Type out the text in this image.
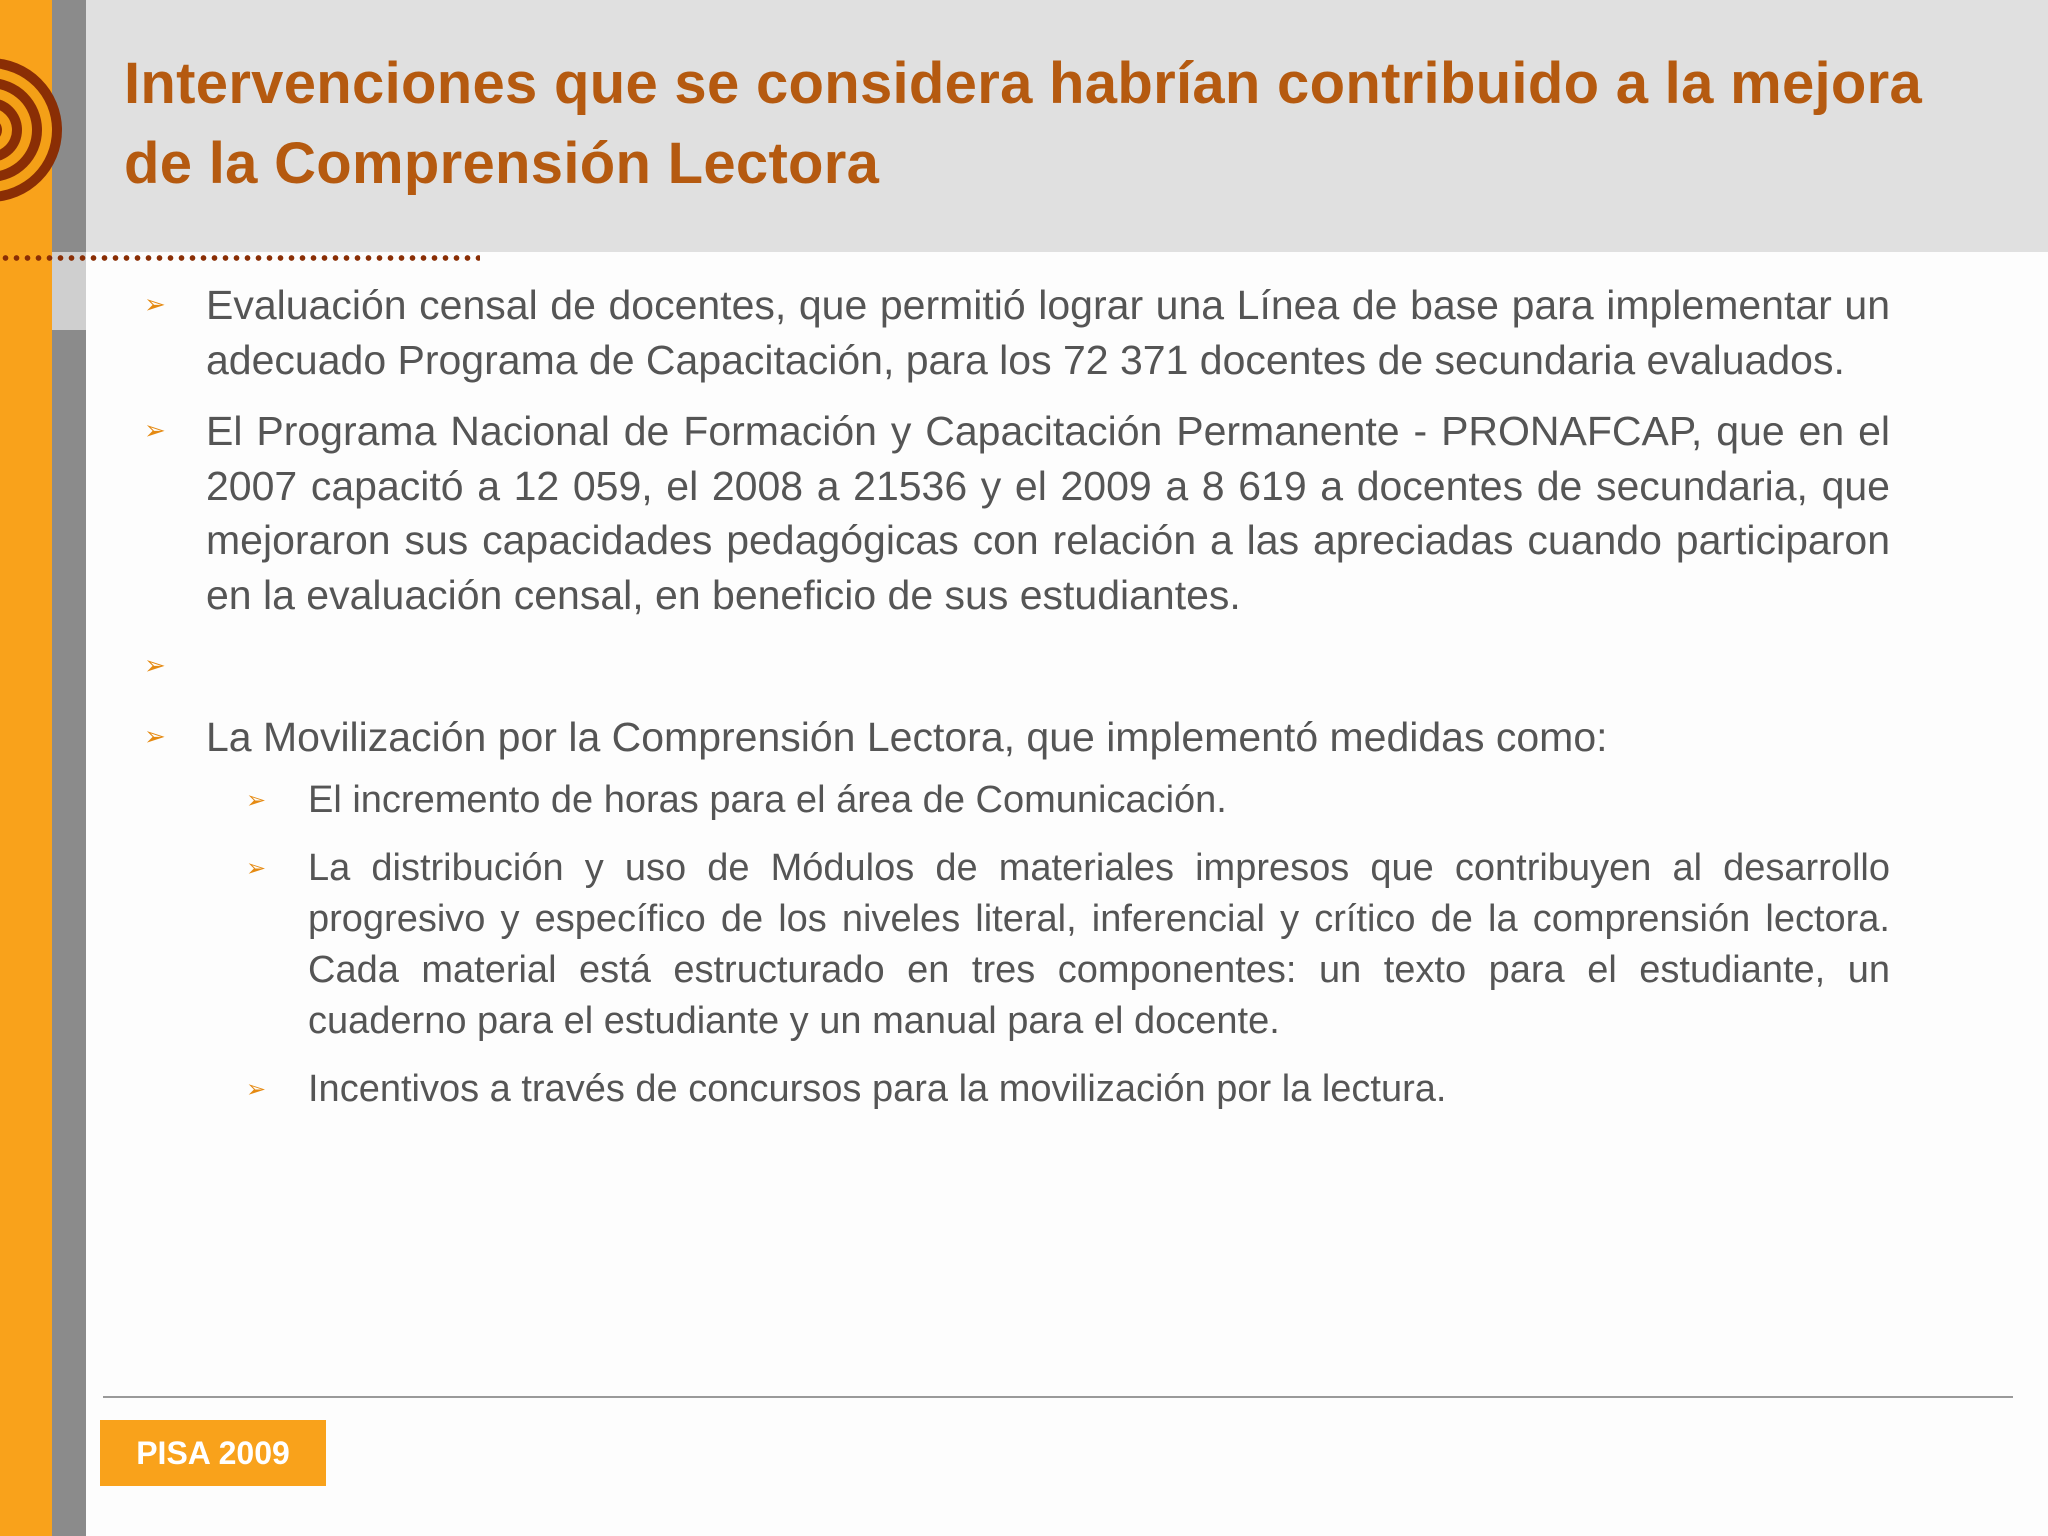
Intervenciones que se considera habrían contribuido a la mejora de la Comprensión Lectora
➢ Evaluación censal de docentes, que permitió lograr una Línea de base para implementar un adecuado Programa de Capacitación, para los 72 371 docentes de secundaria evaluados.
➢ El Programa Nacional de Formación y Capacitación Permanente - PRONAFCAP, que en el 2007 capacitó a 12 059, el 2008 a 21536 y el 2009 a 8 619 a docentes de secundaria, que mejoraron sus capacidades pedagógicas con relación a las apreciadas cuando participaron en la evaluación censal, en beneficio de sus estudiantes.
➢
➢ La Movilización por la Comprensión Lectora, que implementó medidas como:
➢ El incremento de horas para el área de Comunicación.
➢ La distribución y uso de Módulos de materiales impresos que contribuyen al desarrollo progresivo y específico de los niveles literal, inferencial y crítico de la comprensión lectora. Cada material está estructurado en tres componentes: un texto para el estudiante, un cuaderno para el estudiante y un manual para el docente.
➢ Incentivos a través de concursos para la movilización por la lectura.
PISA 2009
